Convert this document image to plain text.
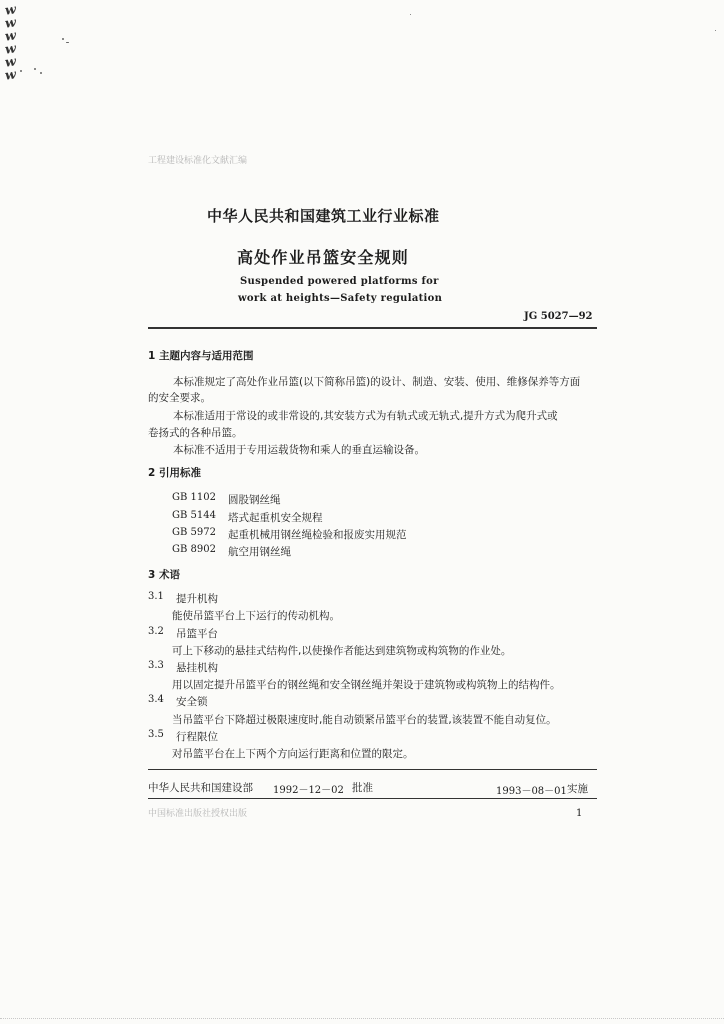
w
w
w
w
w
w
工程建设标准化文献汇编
中华人民共和国建筑工业行业标准
高处作业吊篮安全规则
Suspended powered platforms for
work at heights—Safety regulation
JG 5027—92
1 主题内容与适用范围
本标准规定了高处作业吊篮(以下简称吊篮)的设计、制造、安装、使用、维修保养等方面
的安全要求。
本标准适用于常设的或非常设的,其安装方式为有轨式或无轨式,提升方式为爬升式或
卷扬式的各种吊篮。
本标准不适用于专用运载货物和乘人的垂直运输设备。
2 引用标准
GB 1102 圆股钢丝绳
GB 5144 塔式起重机安全规程
GB 5972 起重机械用钢丝绳检验和报废实用规范
GB 8902 航空用钢丝绳
3 术语
3.1 提升机构
能使吊篮平台上下运行的传动机构。
3.2 吊篮平台
可上下移动的悬挂式结构件,以使操作者能达到建筑物或构筑物的作业处。
3.3 悬挂机构
用以固定提升吊篮平台的钢丝绳和安全钢丝绳并架设于建筑物或构筑物上的结构件。
3.4 安全锁
当吊篮平台下降超过极限速度时,能自动锁紧吊篮平台的装置,该装置不能自动复位。
3.5 行程限位
对吊篮平台在上下两个方向运行距离和位置的限定。
中华人民共和国建设部 1992－12－02 批准	1993－08－01 实施
中国标准出版社授权出版	1
